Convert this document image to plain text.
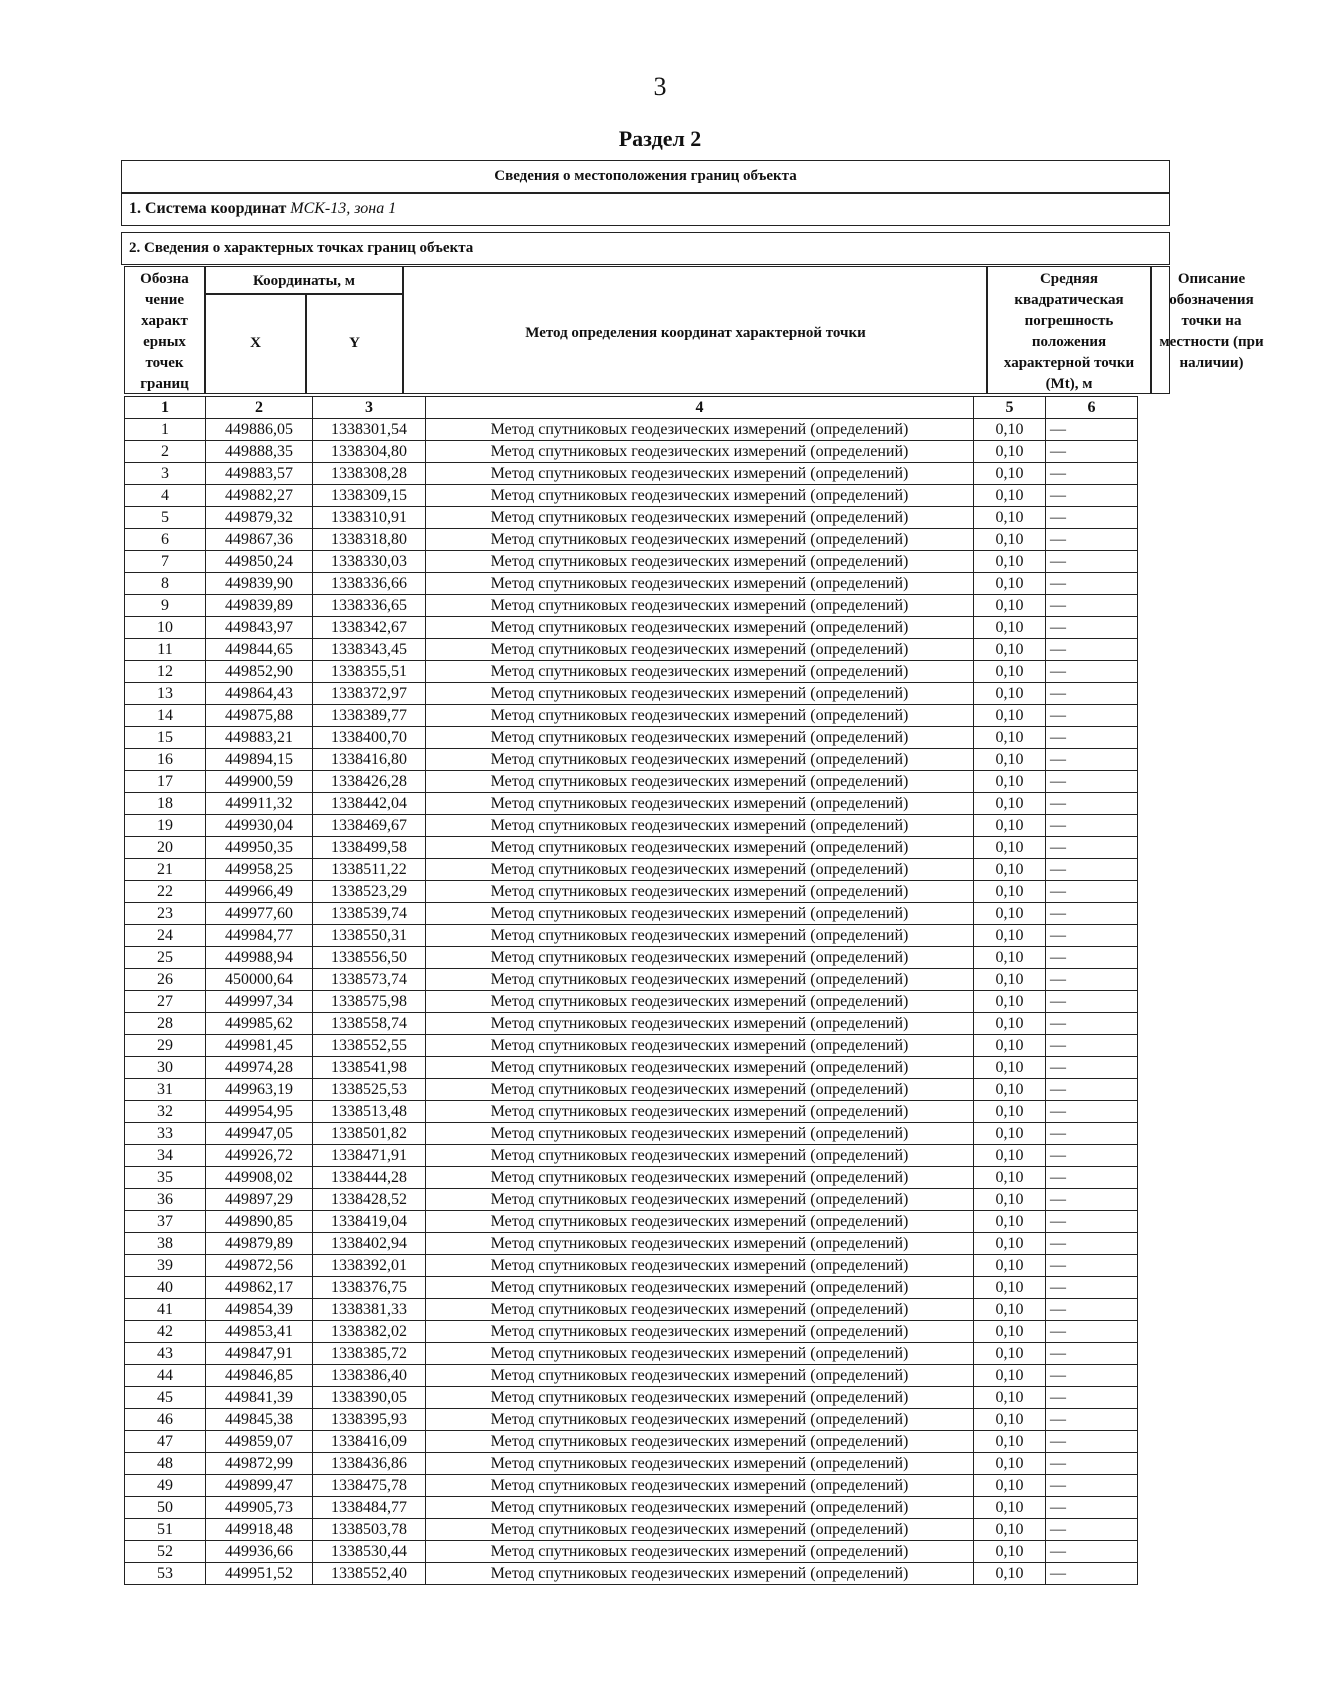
3
Раздел 2
Сведения о местоположения границ объекта
1. Система координат МСК-13, зона 1
2. Сведения о характерных точках границ объекта
Обозна чение характ ерных точек границ
Координаты, м
X	Y
Метод определения координат характерной точки
Средняя квадратическая погрешность положения характерной точки (Mt), м
Описание обозначения точки на местности (при наличии)
1	2	3	4	5	6
1	449886,05	1338301,54	Метод спутниковых геодезических измерений (определений)	0,10	—
2	449888,35	1338304,80	Метод спутниковых геодезических измерений (определений)	0,10	—
3	449883,57	1338308,28	Метод спутниковых геодезических измерений (определений)	0,10	—
4	449882,27	1338309,15	Метод спутниковых геодезических измерений (определений)	0,10	—
5	449879,32	1338310,91	Метод спутниковых геодезических измерений (определений)	0,10	—
6	449867,36	1338318,80	Метод спутниковых геодезических измерений (определений)	0,10	—
7	449850,24	1338330,03	Метод спутниковых геодезических измерений (определений)	0,10	—
8	449839,90	1338336,66	Метод спутниковых геодезических измерений (определений)	0,10	—
9	449839,89	1338336,65	Метод спутниковых геодезических измерений (определений)	0,10	—
10	449843,97	1338342,67	Метод спутниковых геодезических измерений (определений)	0,10	—
11	449844,65	1338343,45	Метод спутниковых геодезических измерений (определений)	0,10	—
12	449852,90	1338355,51	Метод спутниковых геодезических измерений (определений)	0,10	—
13	449864,43	1338372,97	Метод спутниковых геодезических измерений (определений)	0,10	—
14	449875,88	1338389,77	Метод спутниковых геодезических измерений (определений)	0,10	—
15	449883,21	1338400,70	Метод спутниковых геодезических измерений (определений)	0,10	—
16	449894,15	1338416,80	Метод спутниковых геодезических измерений (определений)	0,10	—
17	449900,59	1338426,28	Метод спутниковых геодезических измерений (определений)	0,10	—
18	449911,32	1338442,04	Метод спутниковых геодезических измерений (определений)	0,10	—
19	449930,04	1338469,67	Метод спутниковых геодезических измерений (определений)	0,10	—
20	449950,35	1338499,58	Метод спутниковых геодезических измерений (определений)	0,10	—
21	449958,25	1338511,22	Метод спутниковых геодезических измерений (определений)	0,10	—
22	449966,49	1338523,29	Метод спутниковых геодезических измерений (определений)	0,10	—
23	449977,60	1338539,74	Метод спутниковых геодезических измерений (определений)	0,10	—
24	449984,77	1338550,31	Метод спутниковых геодезических измерений (определений)	0,10	—
25	449988,94	1338556,50	Метод спутниковых геодезических измерений (определений)	0,10	—
26	450000,64	1338573,74	Метод спутниковых геодезических измерений (определений)	0,10	—
27	449997,34	1338575,98	Метод спутниковых геодезических измерений (определений)	0,10	—
28	449985,62	1338558,74	Метод спутниковых геодезических измерений (определений)	0,10	—
29	449981,45	1338552,55	Метод спутниковых геодезических измерений (определений)	0,10	—
30	449974,28	1338541,98	Метод спутниковых геодезических измерений (определений)	0,10	—
31	449963,19	1338525,53	Метод спутниковых геодезических измерений (определений)	0,10	—
32	449954,95	1338513,48	Метод спутниковых геодезических измерений (определений)	0,10	—
33	449947,05	1338501,82	Метод спутниковых геодезических измерений (определений)	0,10	—
34	449926,72	1338471,91	Метод спутниковых геодезических измерений (определений)	0,10	—
35	449908,02	1338444,28	Метод спутниковых геодезических измерений (определений)	0,10	—
36	449897,29	1338428,52	Метод спутниковых геодезических измерений (определений)	0,10	—
37	449890,85	1338419,04	Метод спутниковых геодезических измерений (определений)	0,10	—
38	449879,89	1338402,94	Метод спутниковых геодезических измерений (определений)	0,10	—
39	449872,56	1338392,01	Метод спутниковых геодезических измерений (определений)	0,10	—
40	449862,17	1338376,75	Метод спутниковых геодезических измерений (определений)	0,10	—
41	449854,39	1338381,33	Метод спутниковых геодезических измерений (определений)	0,10	—
42	449853,41	1338382,02	Метод спутниковых геодезических измерений (определений)	0,10	—
43	449847,91	1338385,72	Метод спутниковых геодезических измерений (определений)	0,10	—
44	449846,85	1338386,40	Метод спутниковых геодезических измерений (определений)	0,10	—
45	449841,39	1338390,05	Метод спутниковых геодезических измерений (определений)	0,10	—
46	449845,38	1338395,93	Метод спутниковых геодезических измерений (определений)	0,10	—
47	449859,07	1338416,09	Метод спутниковых геодезических измерений (определений)	0,10	—
48	449872,99	1338436,86	Метод спутниковых геодезических измерений (определений)	0,10	—
49	449899,47	1338475,78	Метод спутниковых геодезических измерений (определений)	0,10	—
50	449905,73	1338484,77	Метод спутниковых геодезических измерений (определений)	0,10	—
51	449918,48	1338503,78	Метод спутниковых геодезических измерений (определений)	0,10	—
52	449936,66	1338530,44	Метод спутниковых геодезических измерений (определений)	0,10	—
53	449951,52	1338552,40	Метод спутниковых геодезических измерений (определений)	0,10	—
